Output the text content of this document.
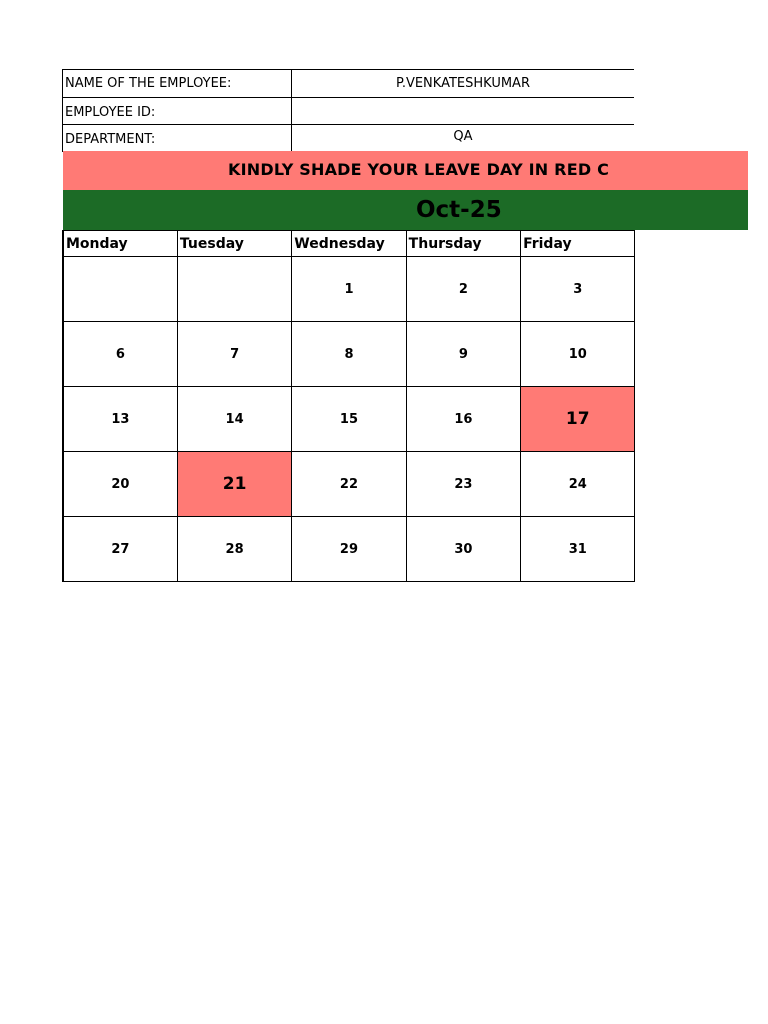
NAME OF THE EMPLOYEE:	P.VENKATESHKUMAR
EMPLOYEE ID:	
DEPARTMENT:	QA
KINDLY SHADE YOUR LEAVE DAY IN RED C
Oct-25
Monday	Tuesday	Wednesday	Thursday	Friday
		1	2	3
6	7	8	9	10
13	14	15	16	17
20	21	22	23	24
27	28	29	30	31
